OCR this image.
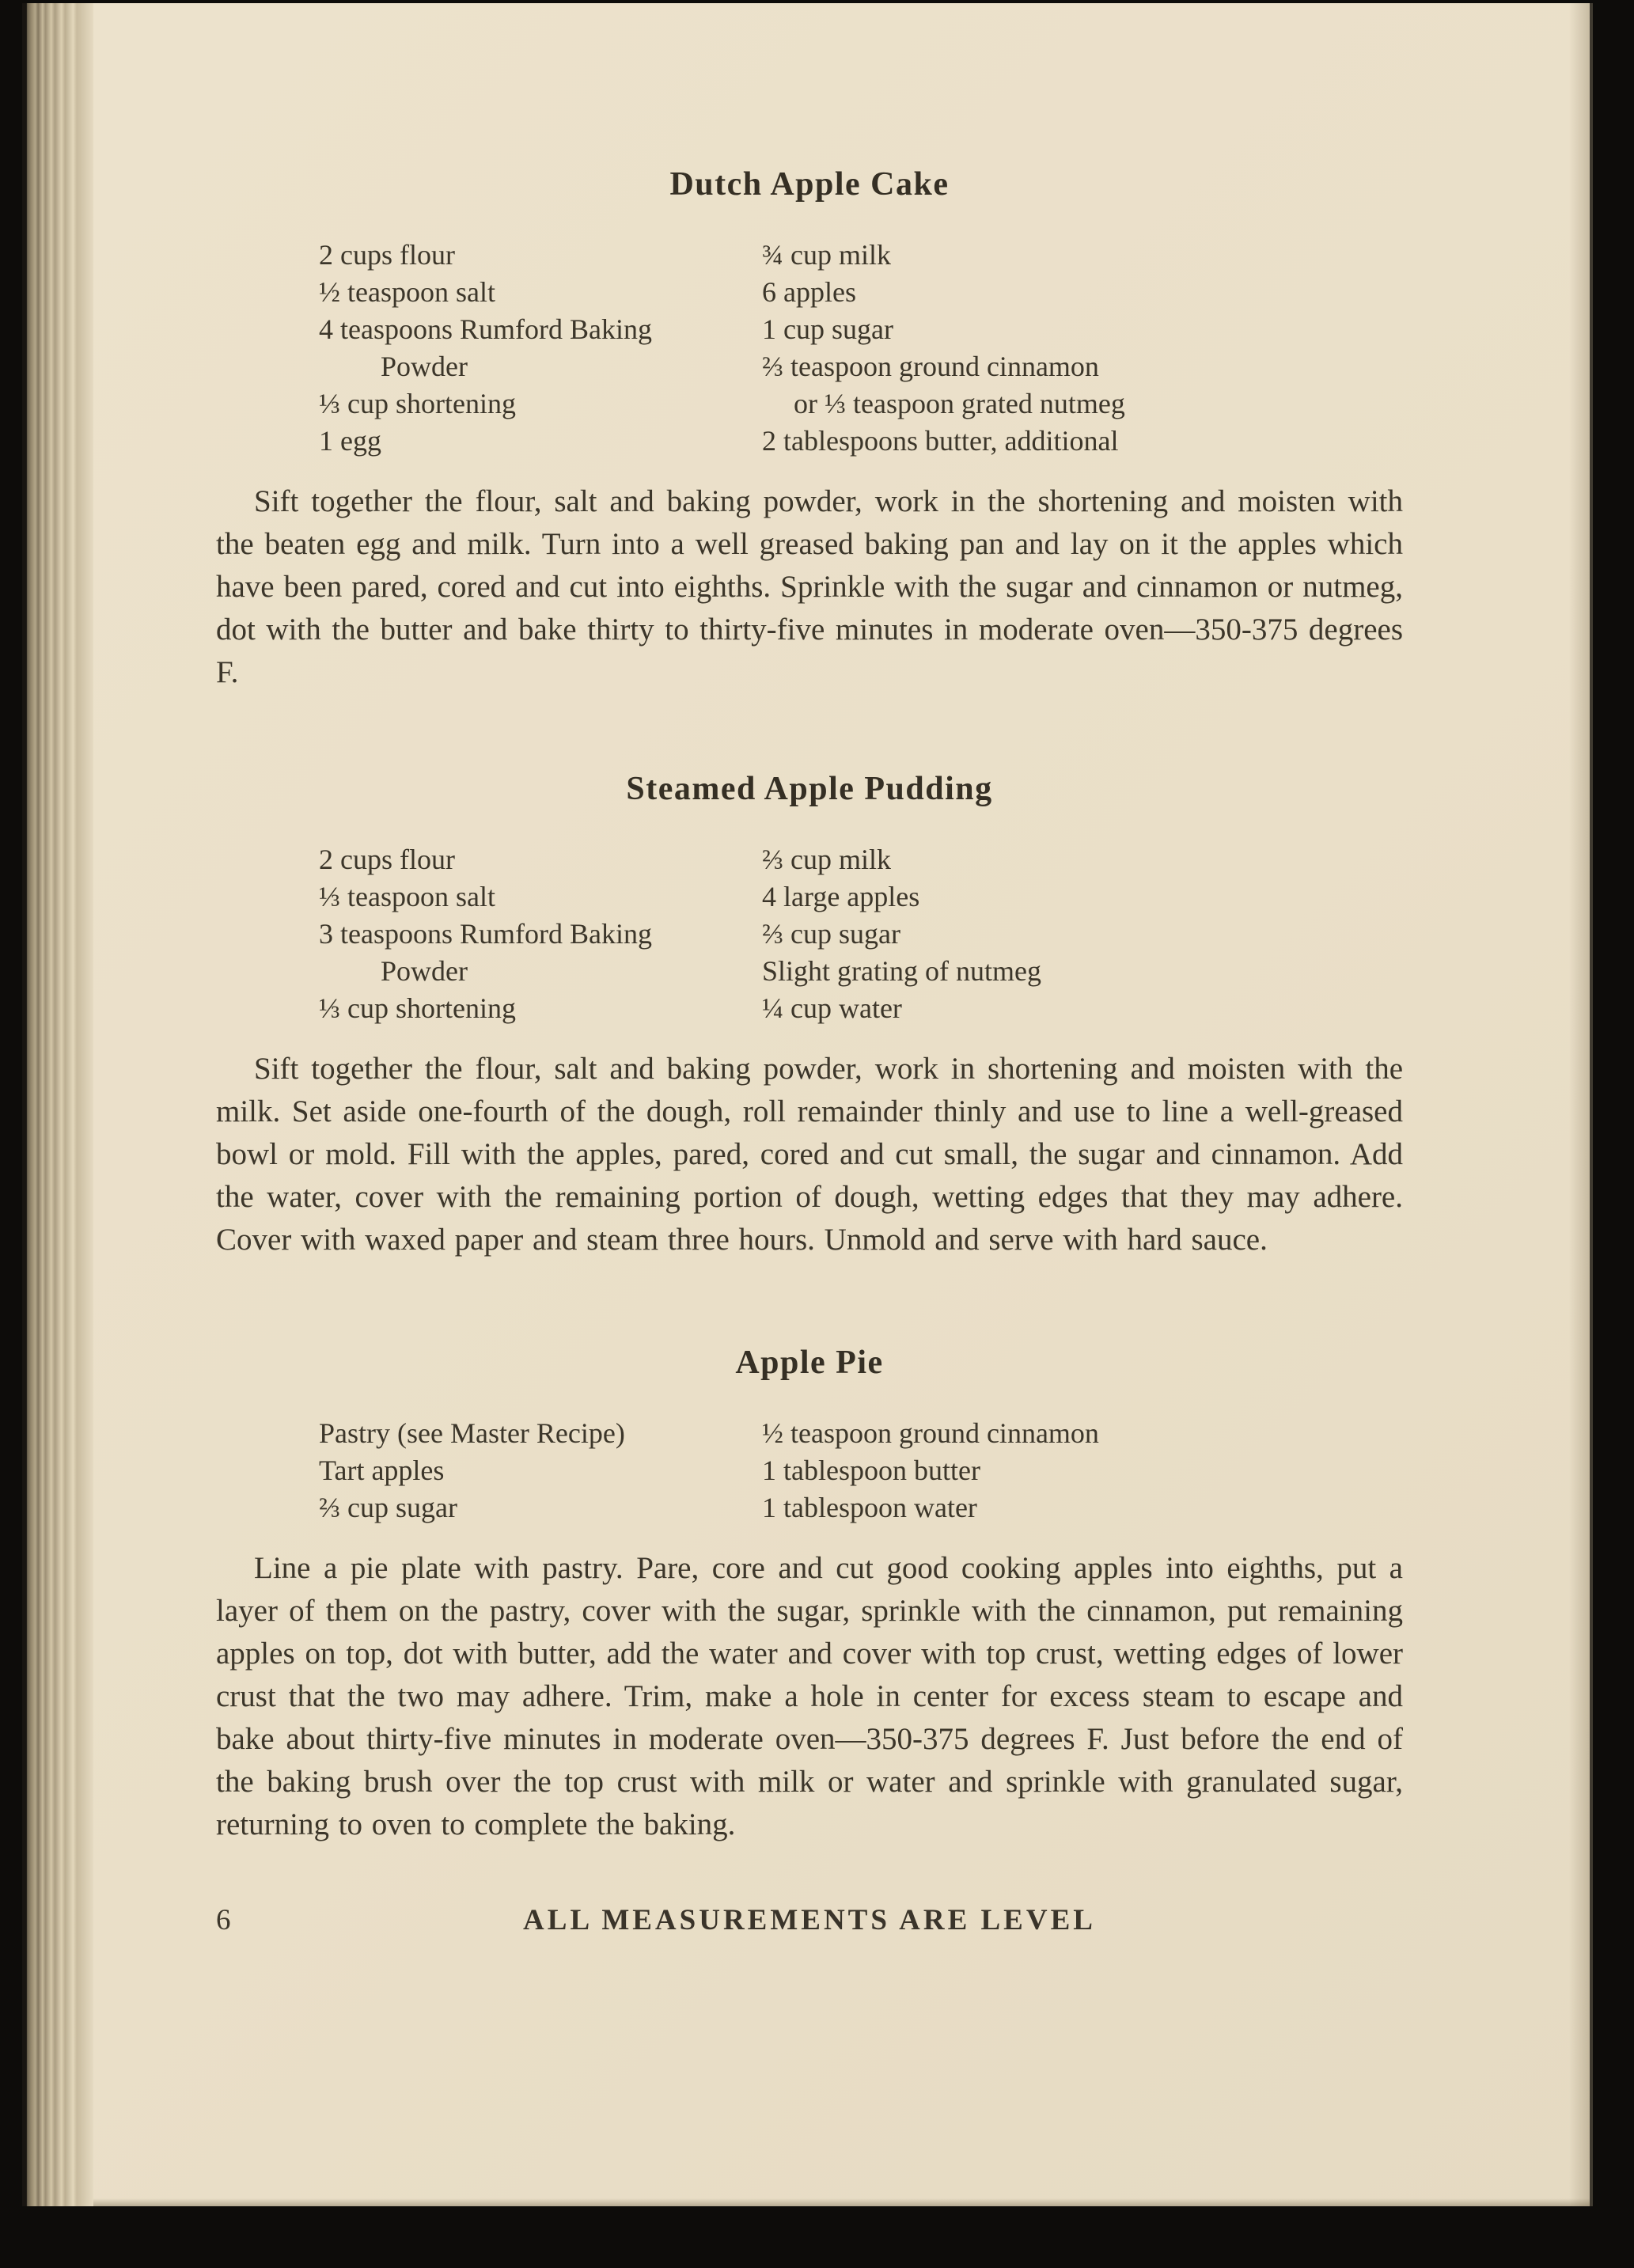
Dutch Apple Cake
2 cups flour
½ teaspoon salt
4 teaspoons Rumford Baking
Powder
⅓ cup shortening
1 egg
¾ cup milk
6 apples
1 cup sugar
⅔ teaspoon ground cinnamon
or ⅓ teaspoon grated nutmeg
2 tablespoons butter, additional

Sift together the flour, salt and baking powder, work in the shortening and moisten with the beaten egg and milk. Turn into a well greased baking pan and lay on it the apples which have been pared, cored and cut into eighths. Sprinkle with the sugar and cinnamon or nutmeg, dot with the butter and bake thirty to thirty-five minutes in moderate oven—350-375 degrees F.

Steamed Apple Pudding
2 cups flour
⅓ teaspoon salt
3 teaspoons Rumford Baking
Powder
⅓ cup shortening
⅔ cup milk
4 large apples
⅔ cup sugar
Slight grating of nutmeg
¼ cup water

Sift together the flour, salt and baking powder, work in shortening and moisten with the milk. Set aside one-fourth of the dough, roll remainder thinly and use to line a well-greased bowl or mold. Fill with the apples, pared, cored and cut small, the sugar and cinnamon. Add the water, cover with the remaining portion of dough, wetting edges that they may adhere. Cover with waxed paper and steam three hours. Unmold and serve with hard sauce.

Apple Pie
Pastry (see Master Recipe)
Tart apples
⅔ cup sugar
½ teaspoon ground cinnamon
1 tablespoon butter
1 tablespoon water

Line a pie plate with pastry. Pare, core and cut good cooking apples into eighths, put a layer of them on the pastry, cover with the sugar, sprinkle with the cinnamon, put remaining apples on top, dot with butter, add the water and cover with top crust, wetting edges of lower crust that the two may adhere. Trim, make a hole in center for excess steam to escape and bake about thirty-five minutes in moderate oven—350-375 degrees F. Just before the end of the baking brush over the top crust with milk or water and sprinkle with granulated sugar, returning to oven to complete the baking.

6	ALL MEASUREMENTS ARE LEVEL
